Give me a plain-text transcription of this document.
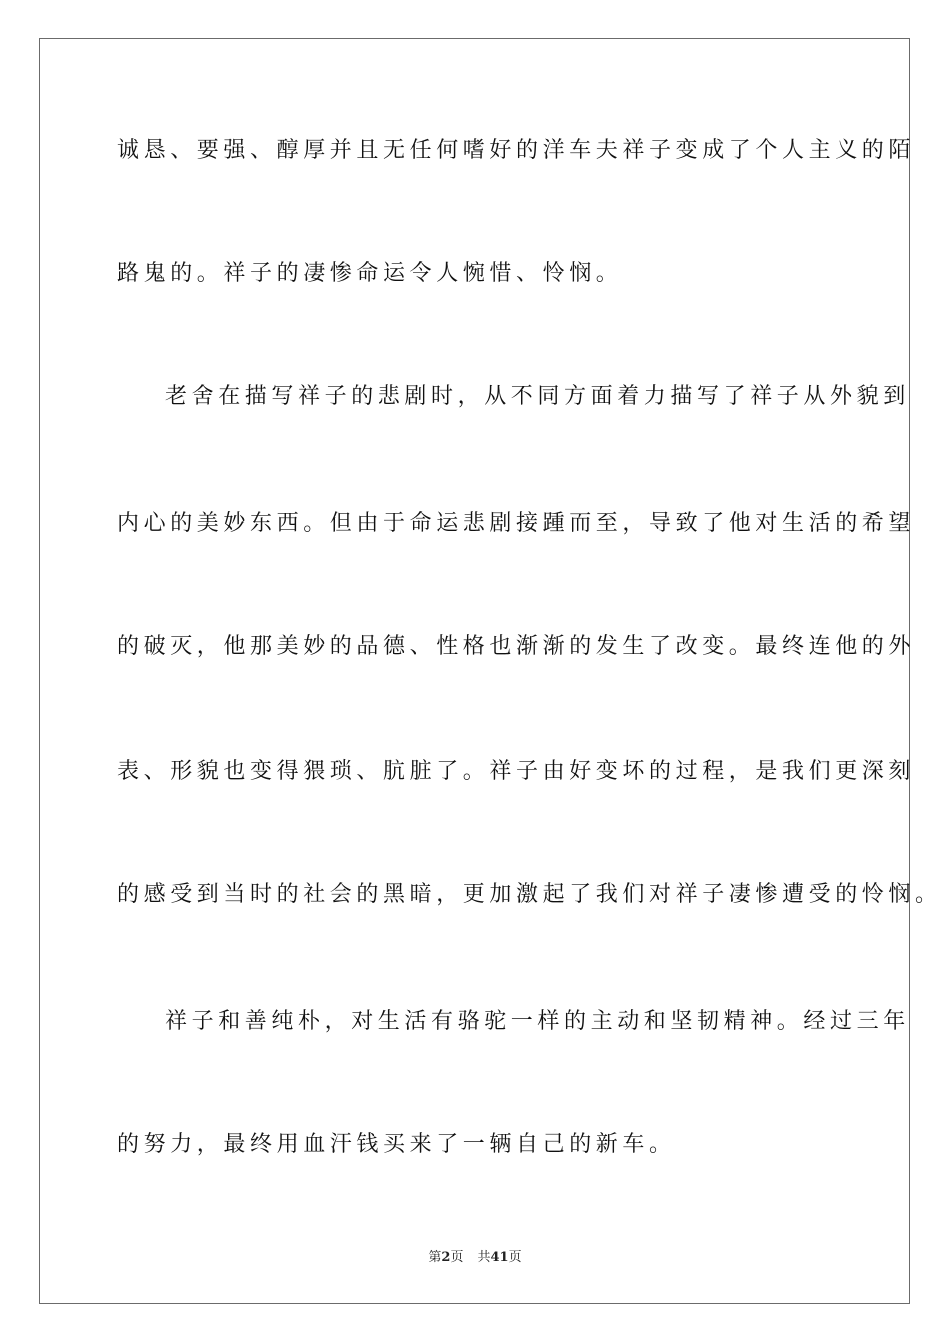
诚恳、要强、醇厚并且无任何嗜好的洋车夫祥子变成了个人主义的陌
路鬼的。祥子的凄惨命运令人惋惜、怜悯。
老舍在描写祥子的悲剧时，从不同方面着力描写了祥子从外貌到
内心的美妙东西。但由于命运悲剧接踵而至，导致了他对生活的希望
的破灭，他那美妙的品德、性格也渐渐的发生了改变。最终连他的外
表、形貌也变得猥琐、肮脏了。祥子由好变坏的过程，是我们更深刻
的感受到当时的社会的黑暗，更加激起了我们对祥子凄惨遭受的怜悯。
祥子和善纯朴，对生活有骆驼一样的主动和坚韧精神。经过三年
的努力，最终用血汗钱买来了一辆自己的新车。
第2页 共41页
